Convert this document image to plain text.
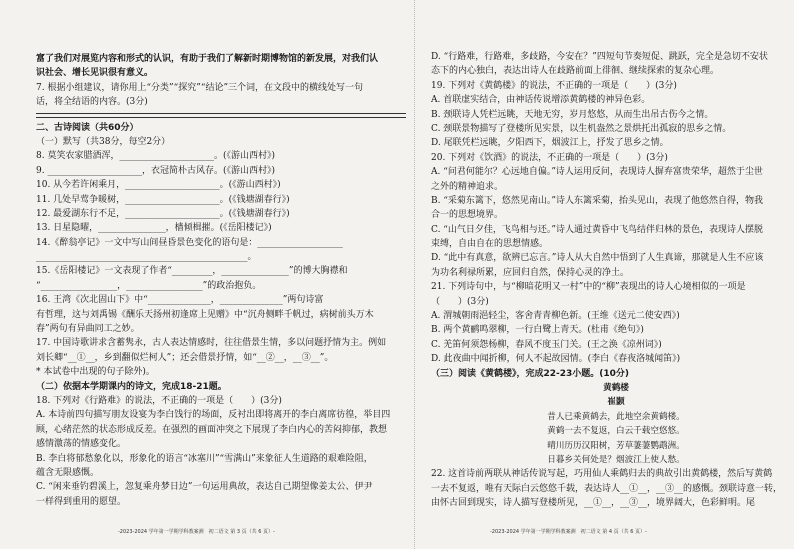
富了我们对展览内容和形式的认识，有助于我们了解新时期博物馆的新发展，对我们认
识社会、增长见识很有意义。
7. 根据小组建议，请你用上“分类”“探究”“结论”三个词，在文段中的横线处写一句
话，将全结语的内容。(3分)
二、古诗阅读（共60分）
（一）默写（共38分，每空2分）
8. 莫笑农家腊酒浑，_____________________。(《游山西村》)
9. _____________________，衣冠简朴古风存。(《游山西村》)
10. 从今若许闲乘月，_____________________。(《游山西村》)
11. 几处早莺争暖树，_____________________。(《钱塘湖春行》)
12. 最爱湖东行不足，_____________________。(《钱塘湖春行》)
13. 日星隐曜，_______________，樯倾楫摧。(《岳阳楼记》)
14.《醉翁亭记》一文中写山间昼昏景色变化的语句是：___________________
_______________________________________________。
15.《岳阳楼记》一文表现了作者“_________，_______________”的博大胸襟和
“_________________，_________________”的政治抱负。
16. 王湾《次北固山下》中“______________，______________”两句诗富
有哲理，这与刘禹锡《酬乐天扬州初逢席上见赠》中“沉舟侧畔千帆过，病树前头万木
春”两句有异曲同工之妙。
17. 中国诗歌讲求含蓄隽永，古人表达情感时，往往借景生情，多以问题抒情为主。例如
刘长卿“__①__，乡到翻似烂柯人”；还会借景抒情，如“__②__，__③__”。
* 本试卷中出现的句子除外)。
（二）依据本学期课内的诗文，完成18-21题。
18. 下列对《行路难》的说法，不正确的一项是（　　）(3分)
A. 本诗前四句描写朋友设宴为李白饯行的场面，反衬出即将离开的李白离席彷徨，举目四
顾，心绪茫然的状态形成反差。在强烈的画面冲突之下展现了李白内心的苦闷抑郁，教想
感情激荡的情感变化。
B. 李白将郁愁象化以，形象化的语言“冰塞川”“雪满山”来象征人生道路的艰难险阻，
蕴含无限感慨。
C. “闲来垂钓碧溪上，忽复乘舟梦日边”一句运用典故，表达自己期望像姜太公、伊尹
一样得到重用的愿望。
D. “行路难，行路难，多歧路，今安在？”四短句节奏短促、跳跃，完全是急切不安状
态下的内心独白，表达出诗人在歧路前面上徘徊、继续探索的复杂心理。
19. 下列对《黄鹤楼》的说法，不正确的一项是（　　）(3分)
A. 首联虚实结合，由神话传说增添黄鹤楼的神异色彩。
B. 颈联诗人凭栏远眺，天地无穷，岁月悠悠，从而生出吊古伤今之情。
C. 颈联景物描写了登楼所见实景，以生机盎然之景烘托出孤寂的思乡之情。
D. 尾联凭栏远眺，夕阳西下，烟波江上，抒发了思乡之情。
20. 下列对《饮酒》的说法，不正确的一项是（　　）(3分)
A. “问君何能尔？心远地自偏。”诗人运用反问，表现诗人摒弃富贵荣华，超然于尘世
之外的精神追求。
B. “采菊东篱下，悠然见南山。”诗人东篱采菊，抬头见山，表现了他悠然自得，物我
合一的思想境界。
C. “山气日夕佳，飞鸟相与还。”诗人通过黄昏中飞鸟结伴归林的景色，表现诗人摆脱
束缚，自由自在的思想情感。
D. “此中有真意，欲辨已忘言。”诗人从大自然中悟到了人生真谛，那就是人生不应该
为功名利禄所累，应回归自然，保持心灵的净土。
21. 下列诗句中，与“柳暗花明又一村”中的“柳”表现出的诗人心境相似的一项是
（　　）(3分)
A. 渭城朝雨浥轻尘，客舍青青柳色新。(王维《送元二使安西》)
B. 两个黄鹂鸣翠柳，一行白鹭上青天。(杜甫《绝句》)
C. 羌笛何须怨杨柳，春风不度玉门关。(王之涣《凉州词》)
D. 此夜曲中闻折柳，何人不起故园情。(李白《春夜洛城闻笛》)
（三）阅读《黄鹤楼》，完成22-23小题。(10分)
黄鹤楼
崔颢
昔人已乘黄鹤去，此地空余黄鹤楼。
黄鹤一去不复返，白云千载空悠悠。
晴川历历汉阳树，芳草萋萋鹦鹉洲。
日暮乡关何处是？烟波江上使人愁。
22. 这首诗前两联从神话传说写起，巧用仙人乘鹤归去的典故引出黄鹤楼，然后写黄鹤
一去不复返，唯有天际白云悠悠千载，表达诗人__①__，__③__的感慨。颈联诗意一转，
由怀古回到现实，诗人描写登楼所见，__①__，__③__，境界阔大，色彩鲜明。尾
-2023-2024 学年第一学期学科教案测　初二语文 第 3 页（共 6 页）-	-2023-2024 学年第一学期学科教案测　初二语文 第 4 页（共 6 页）-
